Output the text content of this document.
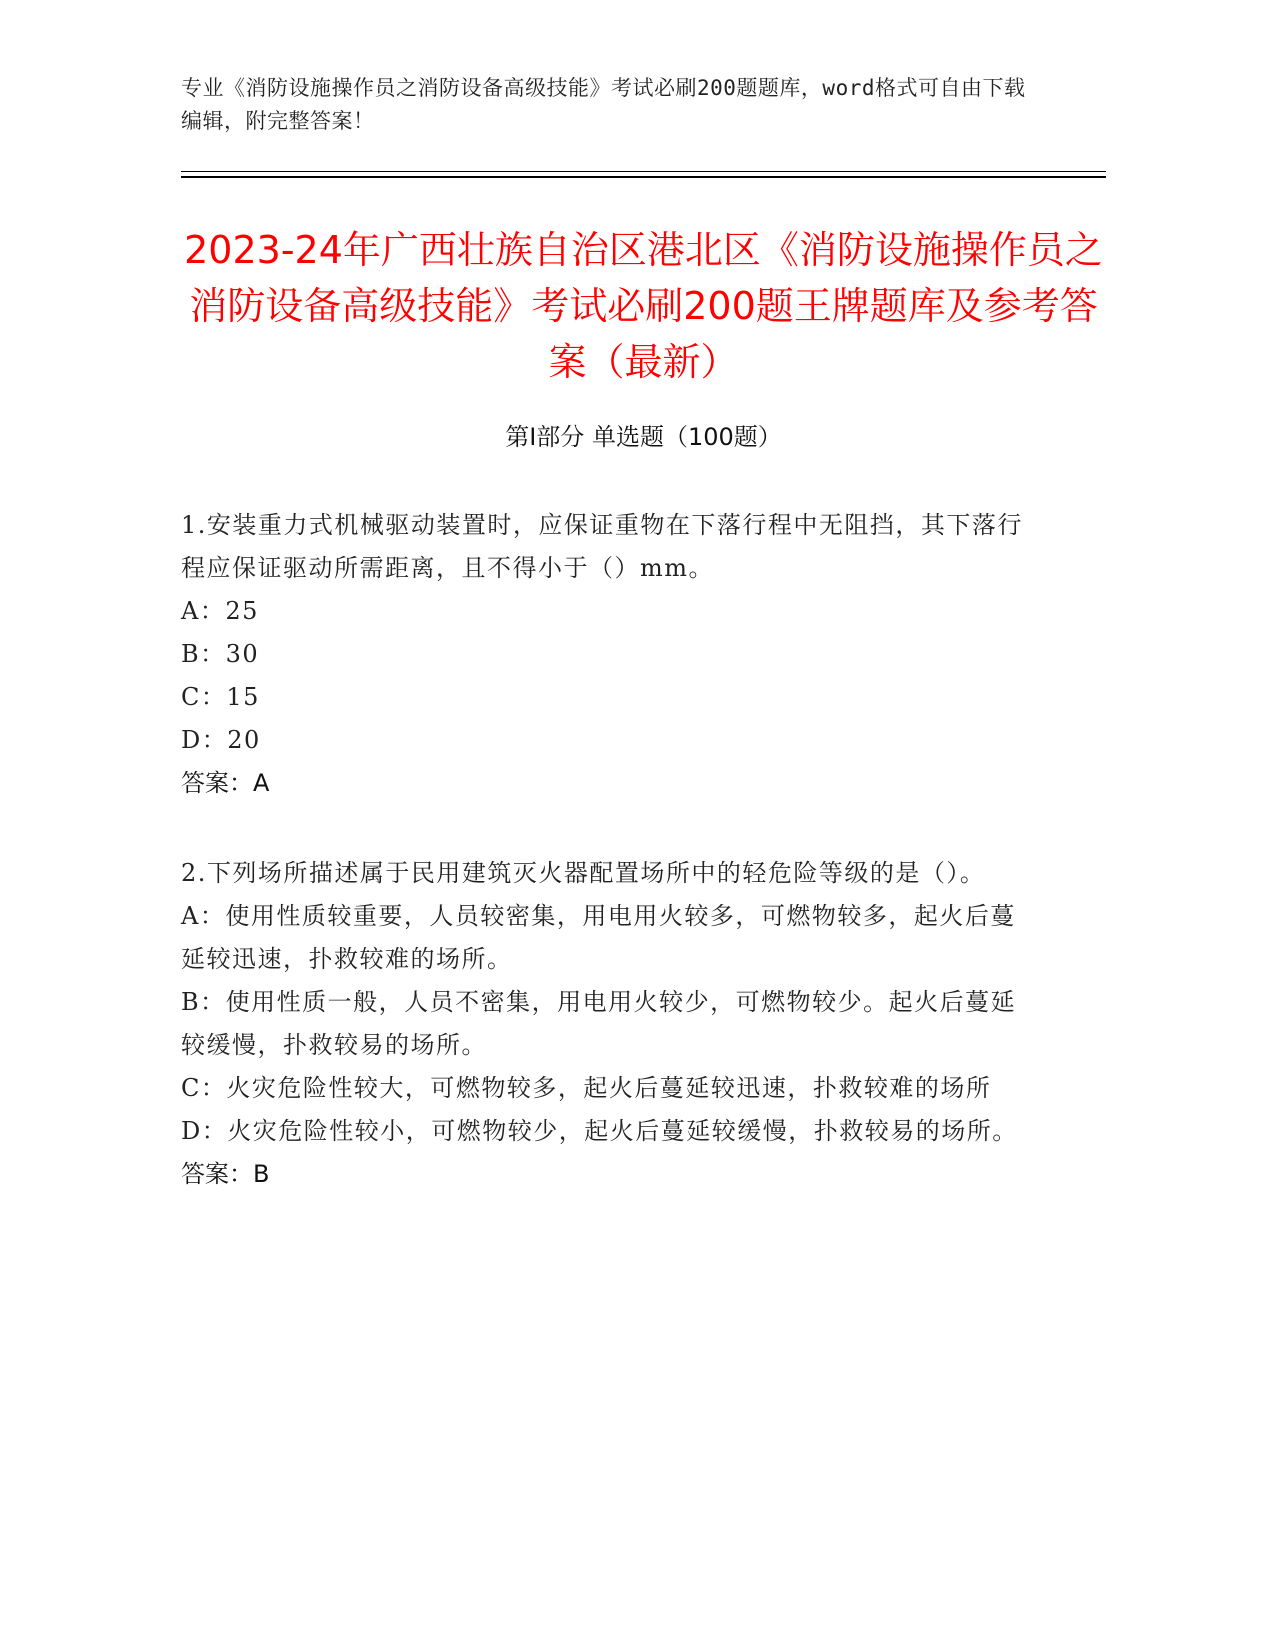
专业《消防设施操作员之消防设备高级技能》考试必刷200题题库，word格式可自由下载编辑，附完整答案！
2023-24年广西壮族自治区港北区《消防设施操作员之消防设备高级技能》考试必刷200题王牌题库及参考答案（最新）
第Ⅰ部分 单选题（100题）
1.安装重力式机械驱动装置时，应保证重物在下落行程中无阻挡，其下落行程应保证驱动所需距离，且不得小于（）mm。
A：25
B：30
C：15
D：20
答案：A
2.下列场所描述属于民用建筑灭火器配置场所中的轻危险等级的是（）。
A：使用性质较重要，人员较密集，用电用火较多，可燃物较多，起火后蔓延较迅速，扑救较难的场所。
B：使用性质一般，人员不密集，用电用火较少，可燃物较少。起火后蔓延较缓慢，扑救较易的场所。
C：火灾危险性较大，可燃物较多，起火后蔓延较迅速，扑救较难的场所
D：火灾危险性较小，可燃物较少，起火后蔓延较缓慢，扑救较易的场所。
答案：B
